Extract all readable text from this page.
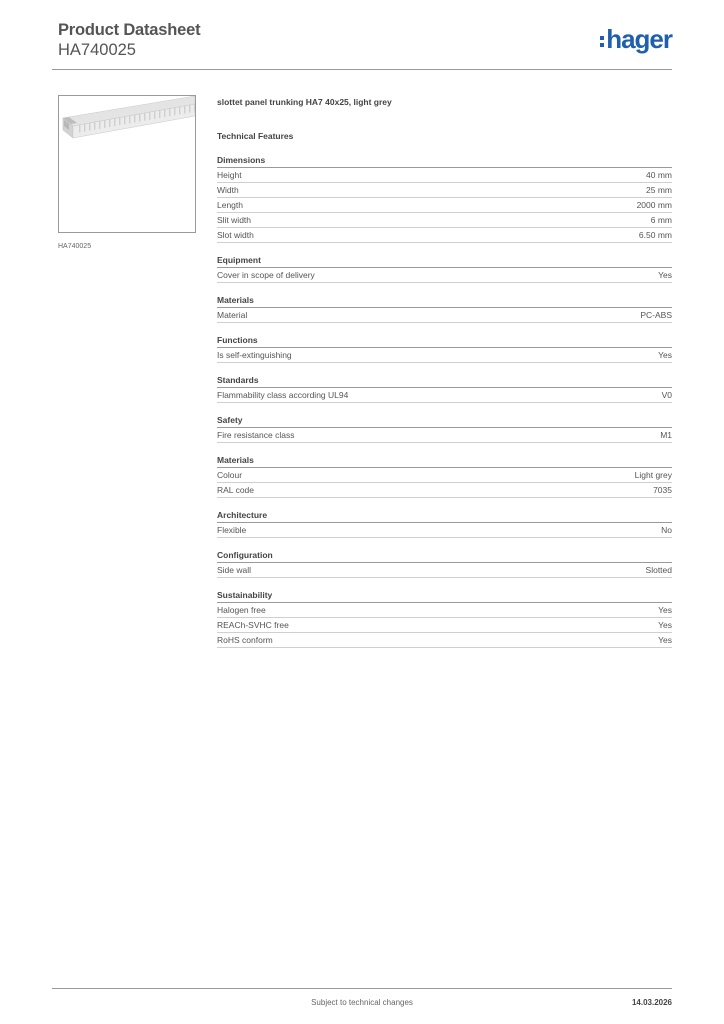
Product Datasheet
HA740025	hager
HA740025
slottet panel trunking HA7 40x25, light grey
Technical Features
Dimensions
Height	40 mm
Width	25 mm
Length	2000 mm
Slit width	6 mm
Slot width	6.50 mm
Equipment
Cover in scope of delivery	Yes
Materials
Material	PC-ABS
Functions
Is self-extinguishing	Yes
Standards
Flammability class according UL94	V0
Safety
Fire resistance class	M1
Materials
Colour	Light grey
RAL code	7035
Architecture
Flexible	No
Configuration
Side wall	Slotted
Sustainability
Halogen free	Yes
REACh-SVHC free	Yes
RoHS conform	Yes
Subject to technical changes	14.03.2026
